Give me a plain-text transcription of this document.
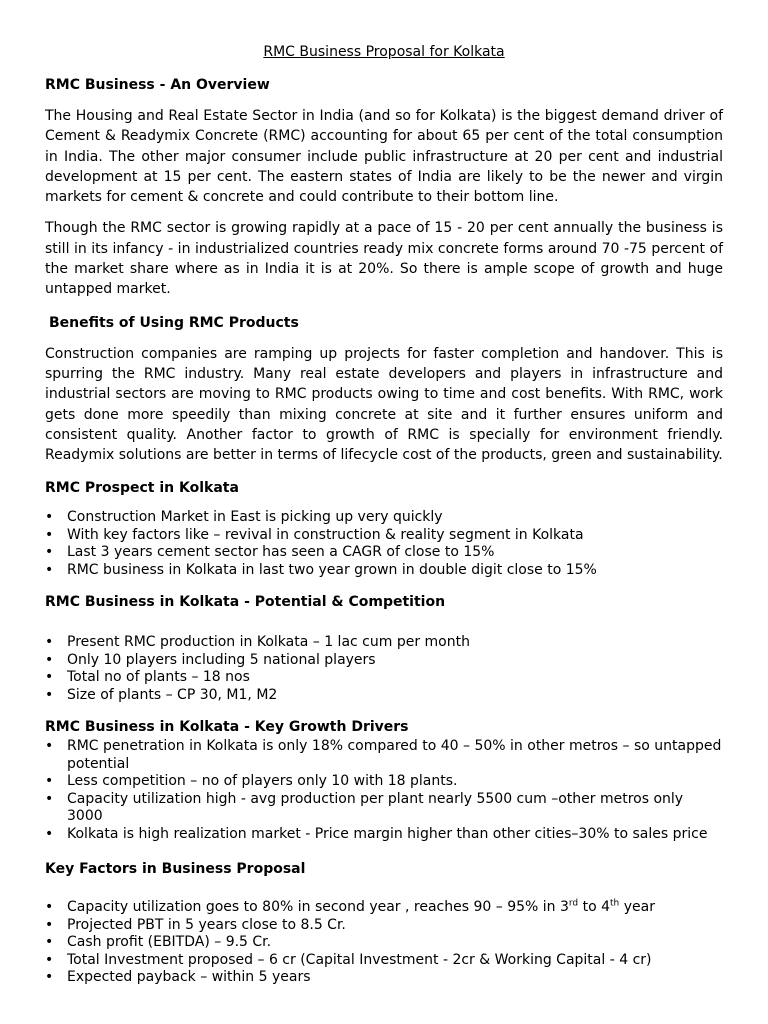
RMC Business Proposal for Kolkata
RMC Business - An Overview

The Housing and Real Estate Sector in India (and so for Kolkata) is the biggest demand driver of Cement & Readymix Concrete (RMC) accounting for about 65 per cent of the total consumption in India. The other major consumer include public infrastructure at 20 per cent and industrial development at 15 per cent. The eastern states of India are likely to be the newer and virgin markets for cement & concrete and could contribute to their bottom line.

Though the RMC sector is growing rapidly at a pace of 15 - 20 per cent annually the business is still in its infancy - in industrialized countries ready mix concrete forms around 70 -75 percent of the market share where as in India it is at 20%. So there is ample scope of growth and huge untapped market.

Benefits of Using RMC Products

Construction companies are ramping up projects for faster completion and handover. This is spurring the RMC industry. Many real estate developers and players in infrastructure and industrial sectors are moving to RMC products owing to time and cost benefits. With RMC, work gets done more speedily than mixing concrete at site and it further ensures uniform and consistent quality. Another factor to growth of RMC is specially for environment friendly. Readymix solutions are better in terms of lifecycle cost of the products, green and sustainability.

RMC Prospect in Kolkata
• Construction Market in East is picking up very quickly
• With key factors like – revival in construction & reality segment in Kolkata
• Last 3 years cement sector has seen a CAGR of close to 15%
• RMC business in Kolkata in last two year grown in double digit close to 15%
RMC Business in Kolkata - Potential & Competition
• Present RMC production in Kolkata – 1 lac cum per month
• Only 10 players including 5 national players
• Total no of plants – 18 nos
• Size of plants – CP 30, M1, M2
RMC Business in Kolkata - Key Growth Drivers
• RMC penetration in Kolkata is only 18% compared to 40 – 50% in other metros – so untapped potential
• Less competition – no of players only 10 with 18 plants.
• Capacity utilization high - avg production per plant nearly 5500 cum –other metros only 3000
• Kolkata is high realization market - Price margin higher than other cities–30% to sales price
Key Factors in Business Proposal
• Capacity utilization goes to 80% in second year , reaches 90 – 95% in 3rd to 4th year
• Projected PBT in 5 years close to 8.5 Cr.
• Cash profit (EBITDA) – 9.5 Cr.
• Total Investment proposed – 6 cr (Capital Investment - 2cr & Working Capital - 4 cr)
• Expected payback – within 5 years
